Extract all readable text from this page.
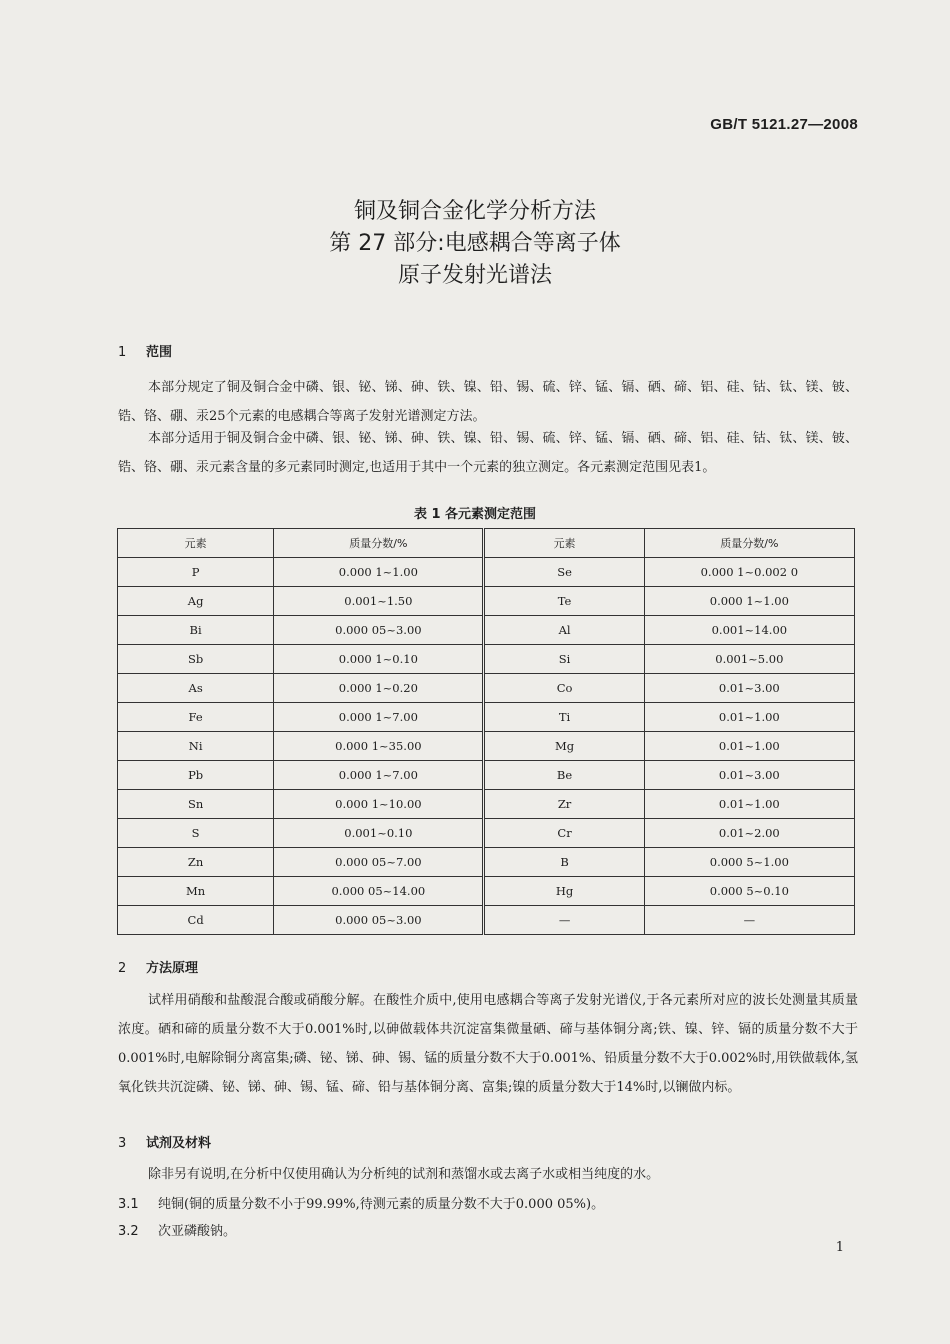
GB/T 5121.27—2008
铜及铜合金化学分析方法
第 27 部分:电感耦合等离子体
原子发射光谱法
1 范围
本部分规定了铜及铜合金中磷、银、铋、锑、砷、铁、镍、铅、锡、硫、锌、锰、镉、硒、碲、铝、硅、钴、钛、镁、铍、锆、铬、硼、汞25个元素的电感耦合等离子发射光谱测定方法。
本部分适用于铜及铜合金中磷、银、铋、锑、砷、铁、镍、铅、锡、硫、锌、锰、镉、硒、碲、铝、硅、钴、钛、镁、铍、锆、铬、硼、汞元素含量的多元素同时测定,也适用于其中一个元素的独立测定。各元素测定范围见表1。
表 1 各元素测定范围
元素	质量分数/%	元素	质量分数/%
P	0.000 1~1.00	Se	0.000 1~0.002 0
Ag	0.001~1.50	Te	0.000 1~1.00
Bi	0.000 05~3.00	Al	0.001~14.00
Sb	0.000 1~0.10	Si	0.001~5.00
As	0.000 1~0.20	Co	0.01~3.00
Fe	0.000 1~7.00	Ti	0.01~1.00
Ni	0.000 1~35.00	Mg	0.01~1.00
Pb	0.000 1~7.00	Be	0.01~3.00
Sn	0.000 1~10.00	Zr	0.01~1.00
S	0.001~0.10	Cr	0.01~2.00
Zn	0.000 05~7.00	B	0.000 5~1.00
Mn	0.000 05~14.00	Hg	0.000 5~0.10
Cd	0.000 05~3.00	—	—
2 方法原理
试样用硝酸和盐酸混合酸或硝酸分解。在酸性介质中,使用电感耦合等离子发射光谱仪,于各元素所对应的波长处测量其质量浓度。硒和碲的质量分数不大于0.001%时,以砷做载体共沉淀富集微量硒、碲与基体铜分离;铁、镍、锌、镉的质量分数不大于0.001%时,电解除铜分离富集;磷、铋、锑、砷、锡、锰的质量分数不大于0.001%、铅质量分数不大于0.002%时,用铁做载体,氢氧化铁共沉淀磷、铋、锑、砷、锡、锰、碲、铅与基体铜分离、富集;镍的质量分数大于14%时,以镧做内标。
3 试剂及材料
除非另有说明,在分析中仅使用确认为分析纯的试剂和蒸馏水或去离子水或相当纯度的水。
3.1 纯铜(铜的质量分数不小于99.99%,待测元素的质量分数不大于0.000 05%)。
3.2 次亚磷酸钠。
1
